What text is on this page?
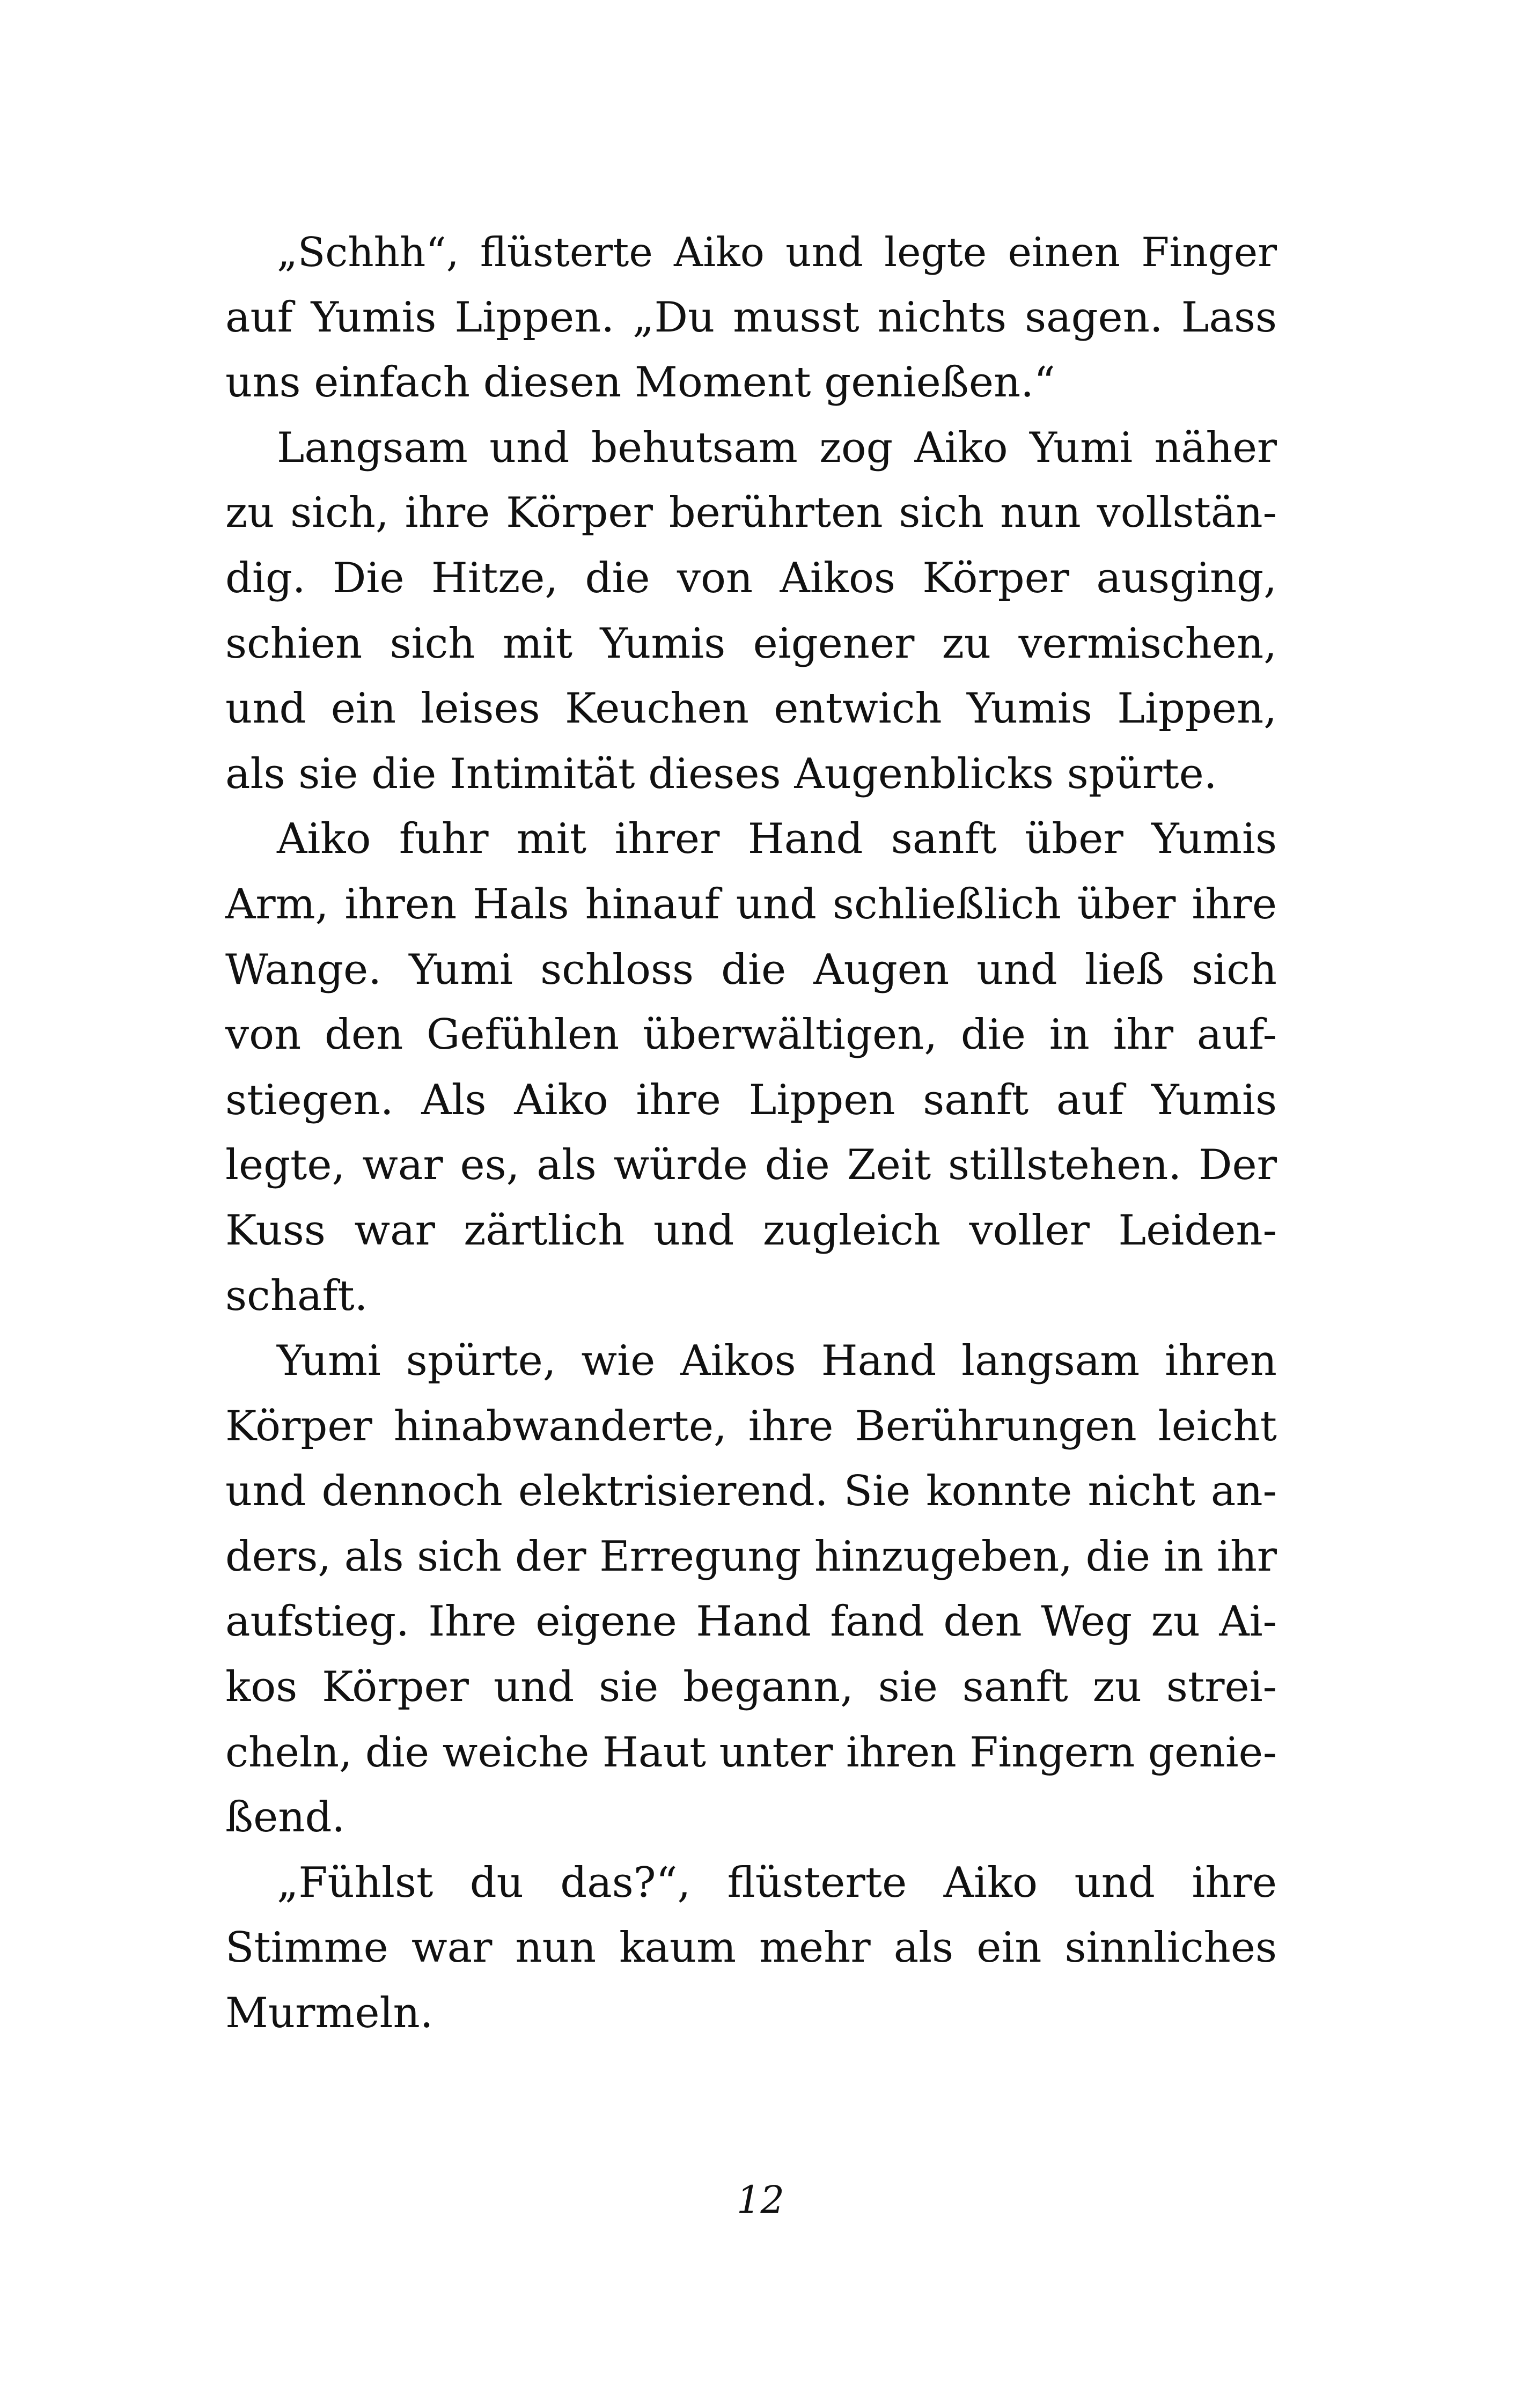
„Schhh“, flüsterte Aiko und legte einen Finger
auf Yumis Lippen. „Du musst nichts sagen. Lass
uns einfach diesen Moment genießen.“
Langsam und behutsam zog Aiko Yumi näher
zu sich, ihre Körper berührten sich nun vollstän-
dig. Die Hitze, die von Aikos Körper ausging,
schien sich mit Yumis eigener zu vermischen,
und ein leises Keuchen entwich Yumis Lippen,
als sie die Intimität dieses Augenblicks spürte.
Aiko fuhr mit ihrer Hand sanft über Yumis
Arm, ihren Hals hinauf und schließlich über ihre
Wange. Yumi schloss die Augen und ließ sich
von den Gefühlen überwältigen, die in ihr auf-
stiegen. Als Aiko ihre Lippen sanft auf Yumis
legte, war es, als würde die Zeit stillstehen. Der
Kuss war zärtlich und zugleich voller Leiden-
schaft.
Yumi spürte, wie Aikos Hand langsam ihren
Körper hinabwanderte, ihre Berührungen leicht
und dennoch elektrisierend. Sie konnte nicht an-
ders, als sich der Erregung hinzugeben, die in ihr
aufstieg. Ihre eigene Hand fand den Weg zu Ai-
kos Körper und sie begann, sie sanft zu strei-
cheln, die weiche Haut unter ihren Fingern genie-
ßend.
„Fühlst du das?“, flüsterte Aiko und ihre
Stimme war nun kaum mehr als ein sinnliches
Murmeln.
12
